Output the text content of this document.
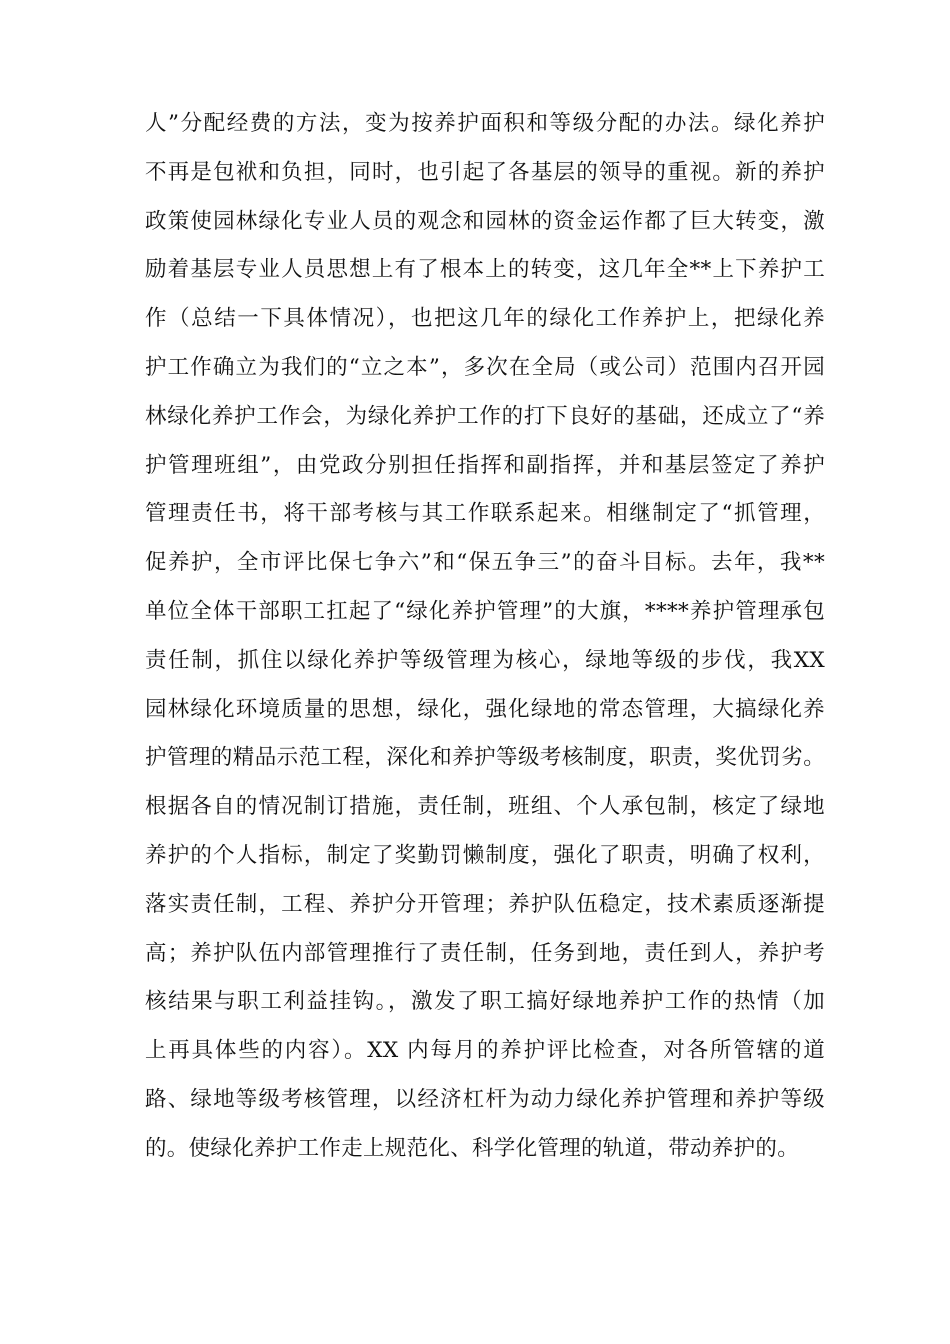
人”分配经费的方法，变为按养护面积和等级分配的办法。绿化养护
不再是包袱和负担，同时，也引起了各基层的领导的重视。新的养护
政策使园林绿化专业人员的观念和园林的资金运作都了巨大转变，激
励着基层专业人员思想上有了根本上的转变，这几年全**上下养护工
作（总结一下具体情况），也把这几年的绿化工作养护上，把绿化养
护工作确立为我们的“立之本”，多次在全局（或公司）范围内召开园
林绿化养护工作会，为绿化养护工作的打下良好的基础，还成立了“养
护管理班组”，由党政分别担任指挥和副指挥，并和基层签定了养护
管理责任书，将干部考核与其工作联系起来。相继制定了“抓管理，
促养护，全市评比保七争六”和“保五争三”的奋斗目标。去年，我**
单位全体干部职工扛起了“绿化养护管理”的大旗，****养护管理承包
责任制，抓住以绿化养护等级管理为核心，绿地等级的步伐，我XX
园林绿化环境质量的思想，绿化，强化绿地的常态管理，大搞绿化养
护管理的精品示范工程，深化和养护等级考核制度，职责，奖优罚劣。
根据各自的情况制订措施，责任制，班组、个人承包制，核定了绿地
养护的个人指标，制定了奖勤罚懒制度，强化了职责，明确了权利，
落实责任制，工程、养护分开管理；养护队伍稳定，技术素质逐渐提
高；养护队伍内部管理推行了责任制，任务到地，责任到人，养护考
核结果与职工利益挂钩。，激发了职工搞好绿地养护工作的热情（加
上再具体些的内容）。XX 内每月的养护评比检查，对各所管辖的道
路、绿地等级考核管理，以经济杠杆为动力绿化养护管理和养护等级
的。使绿化养护工作走上规范化、科学化管理的轨道，带动养护的。
